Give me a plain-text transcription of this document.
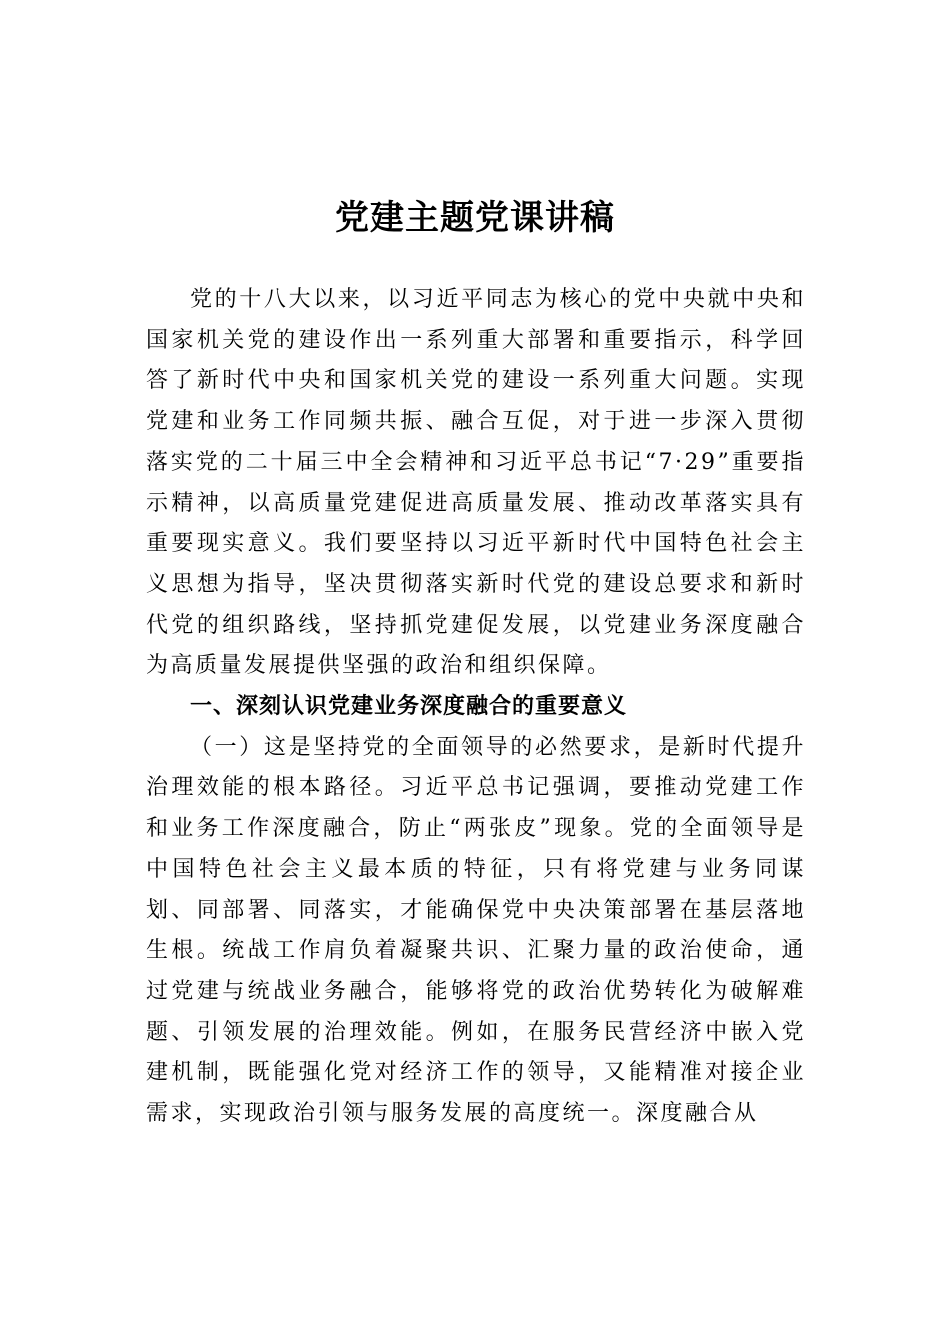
党建主题党课讲稿

党的十八大以来，以习近平同志为核心的党中央就中央和国家机关党的建设作出一系列重大部署和重要指示，科学回答了新时代中央和国家机关党的建设一系列重大问题。实现党建和业务工作同频共振、融合互促，对于进一步深入贯彻落实党的二十届三中全会精神和习近平总书记“7·29”重要指示精神，以高质量党建促进高质量发展、推动改革落实具有重要现实意义。我们要坚持以习近平新时代中国特色社会主义思想为指导，坚决贯彻落实新时代党的建设总要求和新时代党的组织路线，坚持抓党建促发展，以党建业务深度融合为高质量发展提供坚强的政治和组织保障。

一、深刻认识党建业务深度融合的重要意义

（一）这是坚持党的全面领导的必然要求，是新时代提升治理效能的根本路径。习近平总书记强调，要推动党建工作和业务工作深度融合，防止“两张皮”现象。党的全面领导是中国特色社会主义最本质的特征，只有将党建与业务同谋划、同部署、同落实，才能确保党中央决策部署在基层落地生根。统战工作肩负着凝聚共识、汇聚力量的政治使命，通过党建与统战业务融合，能够将党的政治优势转化为破解难题、引领发展的治理效能。例如，在服务民营经济中嵌入党建机制，既能强化党对经济工作的领导，又能精准对接企业需求，实现政治引领与服务发展的高度统一。深度融合从
